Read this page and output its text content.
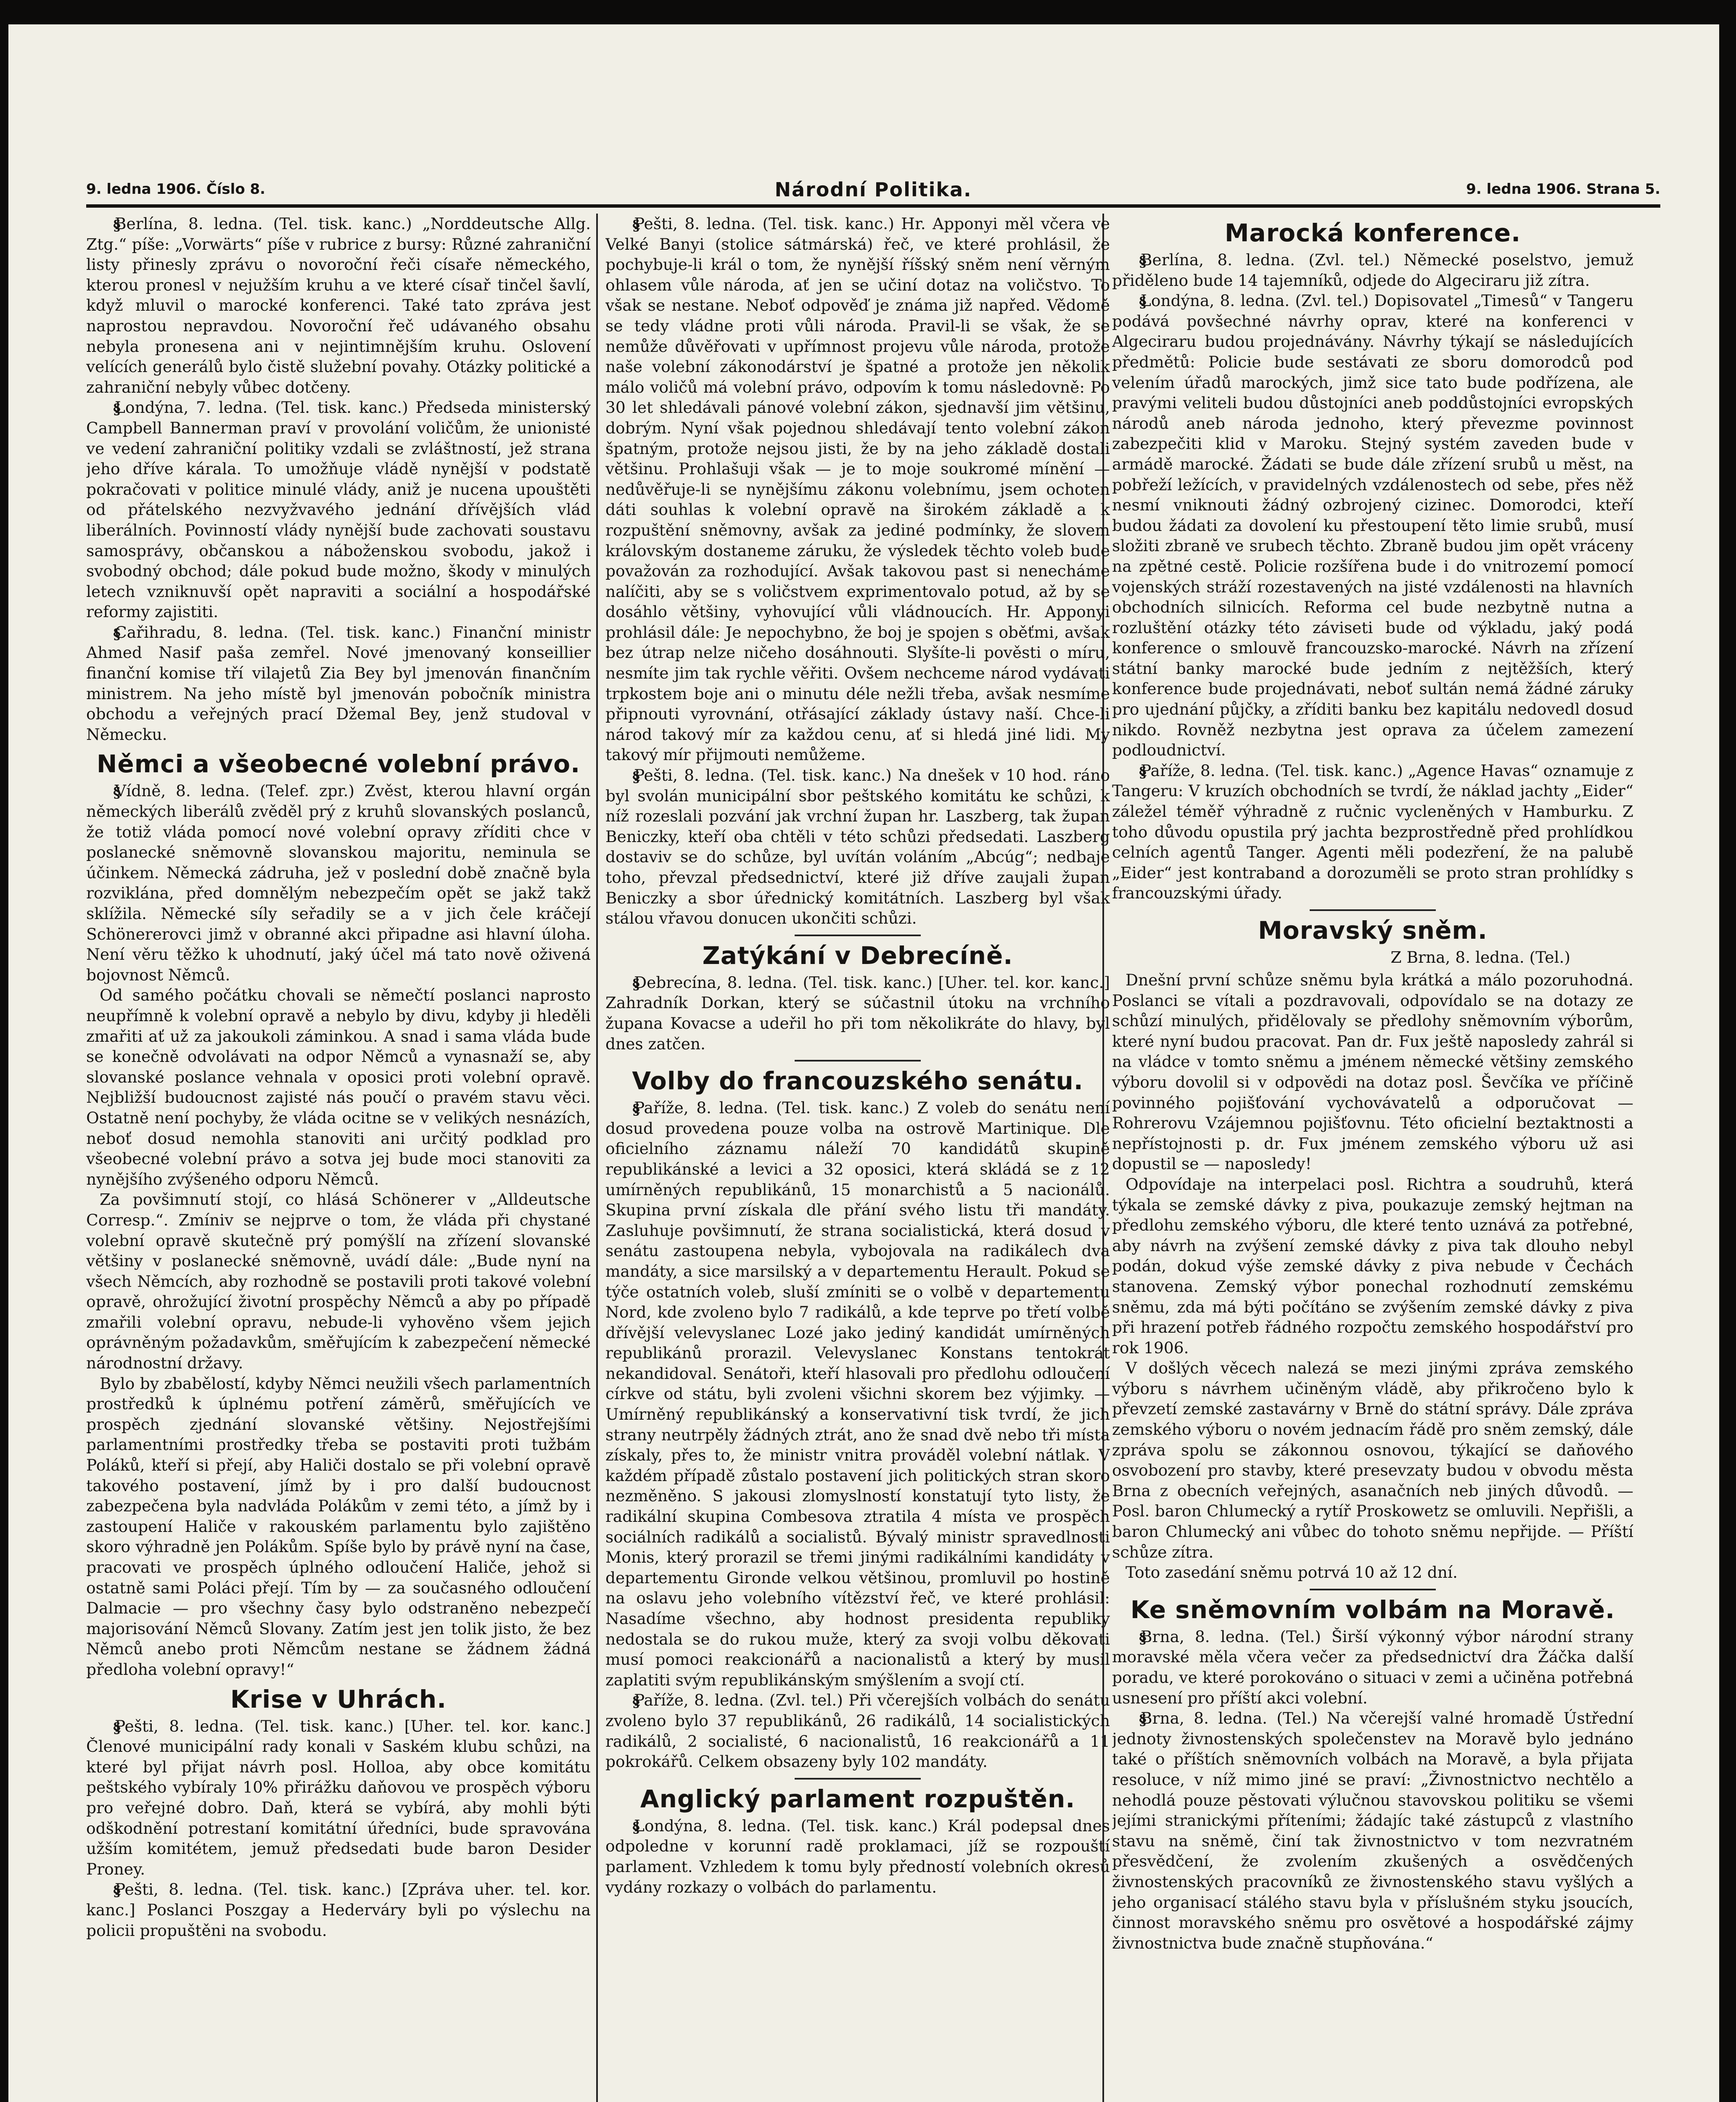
9. ledna 1906. Číslo 8.	Národní Politika.	9. ledna 1906. Strana 5.

§Berlína, 8. ledna. (Tel. tisk. kanc.) „Norddeutsche Allg. Ztg.“ píše: „Vorwärts“ píše v rubrice z bursy: Různé zahraniční listy přinesly zprávu o novoroční řeči císaře německého, kterou pronesl v nejužším kruhu a ve které císař tinčel šavlí, když mluvil o marocké konferenci. Také tato zpráva jest naprostou nepravdou. Novoroční řeč udávaného obsahu nebyla pronesena ani v nejintimnějším kruhu. Oslovení velících generálů bylo čistě služební povahy. Otázky politické a zahraniční nebyly vůbec dotčeny.

§Londýna, 7. ledna. (Tel. tisk. kanc.) Předseda ministerský Campbell Bannerman praví v provolání voličům, že unionisté ve vedení zahraniční politiky vzdali se zvláštností, jež strana jeho dříve kárala. To umožňuje vládě nynější v podstatě pokračovati v politice minulé vlády, aniž je nucena upouštěti od přátelského nezvyžvavého jednání dřívějších vlád liberálních. Povinností vlády nynější bude zachovati soustavu samosprávy, občanskou a náboženskou svobodu, jakož i svobodný obchod; dále pokud bude možno, škody v minulých letech vzniknuvší opět napraviti a sociální a hospodářské reformy zajistiti.

§Cařihradu, 8. ledna. (Tel. tisk. kanc.) Finanční ministr Ahmed Nasif paša zemřel. Nové jmenovaný konseillier finanční komise tří vilajetů Zia Bey byl jmenován finančním ministrem. Na jeho místě byl jmenován pobočník ministra obchodu a veřejných prací Džemal Bey, jenž studoval v Německu.

Němci a všeobecné volební právo.

§Vídně, 8. ledna. (Telef. zpr.) Zvěst, kterou hlavní orgán německých liberálů zvěděl prý z kruhů slovanských poslanců, že totiž vláda pomocí nové volební opravy zříditi chce v poslanecké sněmovně slovanskou majoritu, neminula se účinkem. Německá zádruha, jež v poslední době značně byla rozviklána, před domnělým nebezpečím opět se jakž takž sklížila. Německé síly seřadily se a v jich čele kráčejí Schönererovci jimž v obranné akci připadne asi hlavní úloha. Není věru těžko k uhodnutí, jaký účel má tato nově oživená bojovnost Němců.

Od samého počátku chovali se němečtí poslanci naprosto neupřímně k volební opravě a nebylo by divu, kdyby ji hleděli zmařiti ať už za jakoukoli záminkou. A snad i sama vláda bude se konečně odvolávati na odpor Němců a vynasnaží se, aby slovanské poslance vehnala v oposici proti volební opravě. Nejbližší budoucnost zajisté nás poučí o pravém stavu věci. Ostatně není pochyby, že vláda ocitne se v velikých nesnázích, neboť dosud nemohla stanoviti ani určitý podklad pro všeobecné volební právo a sotva jej bude moci stanoviti za nynějšího zvýšeného odporu Němců.

Za povšimnutí stojí, co hlásá Schönerer v „Alldeutsche Corresp.“. Zmíniv se nejprve o tom, že vláda při chystané volební opravě skutečně prý pomýšlí na zřízení slovanské většiny v poslanecké sněmovně, uvádí dále: „Bude nyní na všech Němcích, aby rozhodně se postavili proti takové volební opravě, ohrožující životní prospěchy Němců a aby po případě zmařili volební opravu, nebude-li vyhověno všem jejich oprávněným požadavkům, směřujícím k zabezpečení německé národnostní državy.

Bylo by zbabělostí, kdyby Němci neužili všech parlamentních prostředků k úplnému potření záměrů, směřujících ve prospěch zjednání slovanské většiny. Nejostřejšími parlamentními prostředky třeba se postaviti proti tužbám Poláků, kteří si přejí, aby Haliči dostalo se při volební opravě takového postavení, jímž by i pro další budoucnost zabezpečena byla nadvláda Polákům v zemi této, a jímž by i zastoupení Haliče v rakouském parlamentu bylo zajištěno skoro výhradně jen Polákům. Spíše bylo by právě nyní na čase, pracovati ve prospěch úplného odloučení Haliče, jehož si ostatně sami Poláci přejí. Tím by — za současného odloučení Dalmacie — pro všechny časy bylo odstraněno nebezpečí majorisování Němců Slovany. Zatím jest jen tolik jisto, že bez Němců anebo proti Němcům nestane se žádnem žádná předloha volební opravy!“

Krise v Uhrách.

§Pešti, 8. ledna. (Tel. tisk. kanc.) [Uher. tel. kor. kanc.] Členové municipální rady konali v Saském klubu schůzi, na které byl přijat návrh posl. Holloa, aby obce komitátu peštského vybíraly 10% přirážku daňovou ve prospěch výboru pro veřejné dobro. Daň, která se vybírá, aby mohli býti odškodnění potrestaní komitátní úředníci, bude spravována užším komitétem, jemuž předsedati bude baron Desider Proney.

§Pešti, 8. ledna. (Tel. tisk. kanc.) [Zpráva uher. tel. kor. kanc.] Poslanci Poszgay a Hederváry byli po výslechu na policii propuštěni na svobodu.

§Pešti, 8. ledna. (Tel. tisk. kanc.) Hr. Apponyi měl včera ve Velké Banyi (stolice sátmárská) řeč, ve které prohlásil, že pochybuje-li král o tom, že nynější říšský sněm není věrným ohlasem vůle národa, ať jen se učiní dotaz na voličstvo. To však se nestane. Neboť odpověď je známa již napřed. Vědomě se tedy vládne proti vůli národa. Pravil-li se však, že se nemůže důvěřovati v upřímnost projevu vůle národa, protože naše volební zákonodárství je špatné a protože jen několik málo voličů má volební právo, odpovím k tomu následovně: Po 30 let shledávali pánové volební zákon, sjednavší jim většinu, dobrým. Nyní však pojednou shledávají tento volební zákon špatným, protože nejsou jisti, že by na jeho základě dostali většinu. Prohlašuji však — je to moje soukromé mínění — nedůvěřuje-li se nynějšímu zákonu volebnímu, jsem ochoten dáti souhlas k volební opravě na širokém základě a k rozpuštění sněmovny, avšak za jediné podmínky, že slovem královským dostaneme záruku, že výsledek těchto voleb bude považován za rozhodující. Avšak takovou past si nenecháme nalíčiti, aby se s voličstvem exprimentovalo potud, až by se dosáhlo většiny, vyhovující vůli vládnoucích. Hr. Apponyi prohlásil dále: Je nepochybno, že boj je spojen s oběťmi, avšak bez útrap nelze ničeho dosáhnouti. Slyšíte-li pověsti o míru, nesmíte jim tak rychle věřiti. Ovšem nechceme národ vydávati trpkostem boje ani o minutu déle nežli třeba, avšak nesmíme připnouti vyrovnání, otřásající základy ústavy naší. Chce-li národ takový mír za každou cenu, ať si hledá jiné lidi. My takový mír přijmouti nemůžeme.

§Pešti, 8. ledna. (Tel. tisk. kanc.) Na dnešek v 10 hod. ráno byl svolán municipální sbor peštského komitátu ke schůzi, k níž rozeslali pozvání jak vrchní župan hr. Laszberg, tak župan Beniczky, kteří oba chtěli v této schůzi předsedati. Laszberg dostaviv se do schůze, byl uvítán voláním „Abcúg“; nedbaje toho, převzal předsednictví, které již dříve zaujali župan Beniczky a sbor úřednický komitátních. Laszberg byl však stálou vřavou donucen ukončiti schůzi.

Zatýkání v Debrecíně.

§Debrecína, 8. ledna. (Tel. tisk. kanc.) [Uher. tel. kor. kanc.] Zahradník Dorkan, který se súčastnil útoku na vrchního župana Kovacse a udeřil ho při tom několikráte do hlavy, byl dnes zatčen.

Volby do francouzského senátu.

§Paříže, 8. ledna. (Tel. tisk. kanc.) Z voleb do senátu není dosud provedena pouze volba na ostrově Martinique. Dle oficielního záznamu náleží 70 kandidátů skupině republikánské a levici a 32 oposici, která skládá se z 12 umírněných republikánů, 15 monarchistů a 5 nacionálů. Skupina první získala dle přání svého listu tři mandáty. Zasluhuje povšimnutí, že strana socialistická, která dosud v senátu zastoupena nebyla, vybojovala na radikálech dva mandáty, a sice marsilský a v departementu Herault. Pokud se týče ostatních voleb, sluší zmíniti se o volbě v departementu Nord, kde zvoleno bylo 7 radikálů, a kde teprve po třetí volbě dřívější velevyslanec Lozé jako jediný kandidát umírněných republikánů prorazil. Velevyslanec Konstans tentokrát nekandidoval. Senátoři, kteří hlasovali pro předlohu odloučení církve od státu, byli zvoleni všichni skorem bez výjimky. — Umírněný republikánský a konservativní tisk tvrdí, že jich strany neutrpěly žádných ztrát, ano že snad dvě nebo tři místa získaly, přes to, že ministr vnitra prováděl volební nátlak. V každém případě zůstalo postavení jich politických stran skoro nezměněno. S jakousi zlomyslností konstatují tyto listy, že radikální skupina Combesova ztratila 4 místa ve prospěch sociálních radikálů a socialistů. Bývalý ministr spravedlnosti Monis, který prorazil se třemi jinými radikálními kandidáty v departementu Gironde velkou většinou, promluvil po hostině na oslavu jeho volebního vítězství řeč, ve které prohlásil: Nasadíme všechno, aby hodnost presidenta republiky nedostala se do rukou muže, který za svoji volbu děkovati musí pomoci reakcionářů a nacionalistů a který by musil zaplatiti svým republikánským smýšlením a svojí ctí.

§Paříže, 8. ledna. (Zvl. tel.) Při včerejších volbách do senátu zvoleno bylo 37 republikánů, 26 radikálů, 14 socialistických radikálů, 2 socialisté, 6 nacionalistů, 16 reakcionářů a 11 pokrokářů. Celkem obsazeny byly 102 mandáty.

Anglický parlament rozpuštěn.

§Londýna, 8. ledna. (Tel. tisk. kanc.) Král podepsal dnes odpoledne v korunní radě proklamaci, jíž se rozpouští parlament. Vzhledem k tomu byly předností volebních okresů vydány rozkazy o volbách do parlamentu.

Marocká konference.

§Berlína, 8. ledna. (Zvl. tel.) Německé poselstvo, jemuž přiděleno bude 14 tajemníků, odjede do Algeciraru již zítra.

§Londýna, 8. ledna. (Zvl. tel.) Dopisovatel „Timesů“ v Tangeru podává povšechné návrhy oprav, které na konferenci v Algeciraru budou projednávány. Návrhy týkají se následujících předmětů: Policie bude sestávati ze sboru domorodců pod velením úřadů marockých, jimž sice tato bude podřízena, ale pravými veliteli budou důstojníci aneb poddůstojníci evropských národů aneb národa jednoho, který převezme povinnost zabezpečiti klid v Maroku. Stejný systém zaveden bude v armádě marocké. Žádati se bude dále zřízení srubů u měst, na pobřeží ležících, v pravidelných vzdálenostech od sebe, přes něž nesmí vniknouti žádný ozbrojený cizinec. Domorodci, kteří budou žádati za dovolení ku přestoupení těto limie srubů, musí složiti zbraně ve srubech těchto. Zbraně budou jim opět vráceny na zpětné cestě. Policie rozšířena bude i do vnitrozemí pomocí vojenských stráží rozestavených na jisté vzdálenosti na hlavních obchodních silnicích. Reforma cel bude nezbytně nutna a rozluštění otázky této záviseti bude od výkladu, jaký podá konference o smlouvě francouzsko-marocké. Návrh na zřízení státní banky marocké bude jedním z nejtěžších, který konference bude projednávati, neboť sultán nemá žádné záruky pro ujednání půjčky, a zříditi banku bez kapitálu nedovedl dosud nikdo. Rovněž nezbytna jest oprava za účelem zamezení podloudnictví.

§Paříže, 8. ledna. (Tel. tisk. kanc.) „Agence Havas“ oznamuje z Tangeru: V kruzích obchodních se tvrdí, že náklad jachty „Eider“ záležel téměř výhradně z ručnic vycleněných v Hamburku. Z toho důvodu opustila prý jachta bezprostředně před prohlídkou celních agentů Tanger. Agenti měli podezření, že na palubě „Eider“ jest kontraband a dorozuměli se proto stran prohlídky s francouzskými úřady.

Moravský sněm.
Z Brna, 8. ledna. (Tel.)

Dnešní první schůze sněmu byla krátká a málo pozoruhodná. Poslanci se vítali a pozdravovali, odpovídalo se na dotazy ze schůzí minulých, přidělovaly se předlohy sněmovním výborům, které nyní budou pracovat. Pan dr. Fux ještě naposledy zahrál si na vládce v tomto sněmu a jménem německé většiny zemského výboru dovolil si v odpovědi na dotaz posl. Ševčíka ve příčině povinného pojišťování vychovávatelů a odporučovat — Rohrerovu Vzájemnou pojišťovnu. Této oficielní beztaktnosti a nepřístojnosti p. dr. Fux jménem zemského výboru už asi dopustil se — naposledy!

Odpovídaje na interpelaci posl. Richtra a soudruhů, která týkala se zemské dávky z piva, poukazuje zemský hejtman na předlohu zemského výboru, dle které tento uznává za potřebné, aby návrh na zvýšení zemské dávky z piva tak dlouho nebyl podán, dokud výše zemské dávky z piva nebude v Čechách stanovena. Zemský výbor ponechal rozhodnutí zemskému sněmu, zda má býti počítáno se zvýšením zemské dávky z piva při hrazení potřeb řádného rozpočtu zemského hospodářství pro rok 1906.

V došlých věcech nalezá se mezi jinými zpráva zemského výboru s návrhem učiněným vládě, aby přikročeno bylo k převzetí zemské zastavárny v Brně do státní správy. Dále zpráva zemského výboru o novém jednacím řádě pro sněm zemský, dále zpráva spolu se zákonnou osnovou, týkající se daňového osvobození pro stavby, které presevzaty budou v obvodu města Brna z obecních veřejných, asanačních neb jiných důvodů. — Posl. baron Chlumecký a rytíř Proskowetz se omluvili. Nepřišli, a baron Chlumecký ani vůbec do tohoto sněmu nepřijde. — Příští schůze zítra.

Toto zasedání sněmu potrvá 10 až 12 dní.

Ke sněmovním volbám na Moravě.

§Brna, 8. ledna. (Tel.) Širší výkonný výbor národní strany moravské měla včera večer za předsednictví dra Žáčka další poradu, ve které porokováno o situaci v zemi a učiněna potřebná usnesení pro příští akci volební.

§Brna, 8. ledna. (Tel.) Na včerejší valné hromadě Ústřední jednoty živnostenských společenstev na Moravě bylo jednáno také o příštích sněmovních volbách na Moravě, a byla přijata resoluce, v níž mimo jiné se praví: „Živnostnictvo nechtělo a nehodlá pouze pěstovati výlučnou stavovskou politiku se všemi jejími stranickými příteními; žádajíc také zástupců z vlastního stavu na sněmě, činí tak živnostnictvo v tom nezvratném přesvědčení, že zvolením zkušených a osvědčených živnostenských pracovníků ze živnostenského stavu vyšlých a jeho organisací stálého stavu byla v příslušném styku jsoucích, činnost moravského sněmu pro osvětové a hospodářské zájmy živnostnictva bude značně stupňována.“
